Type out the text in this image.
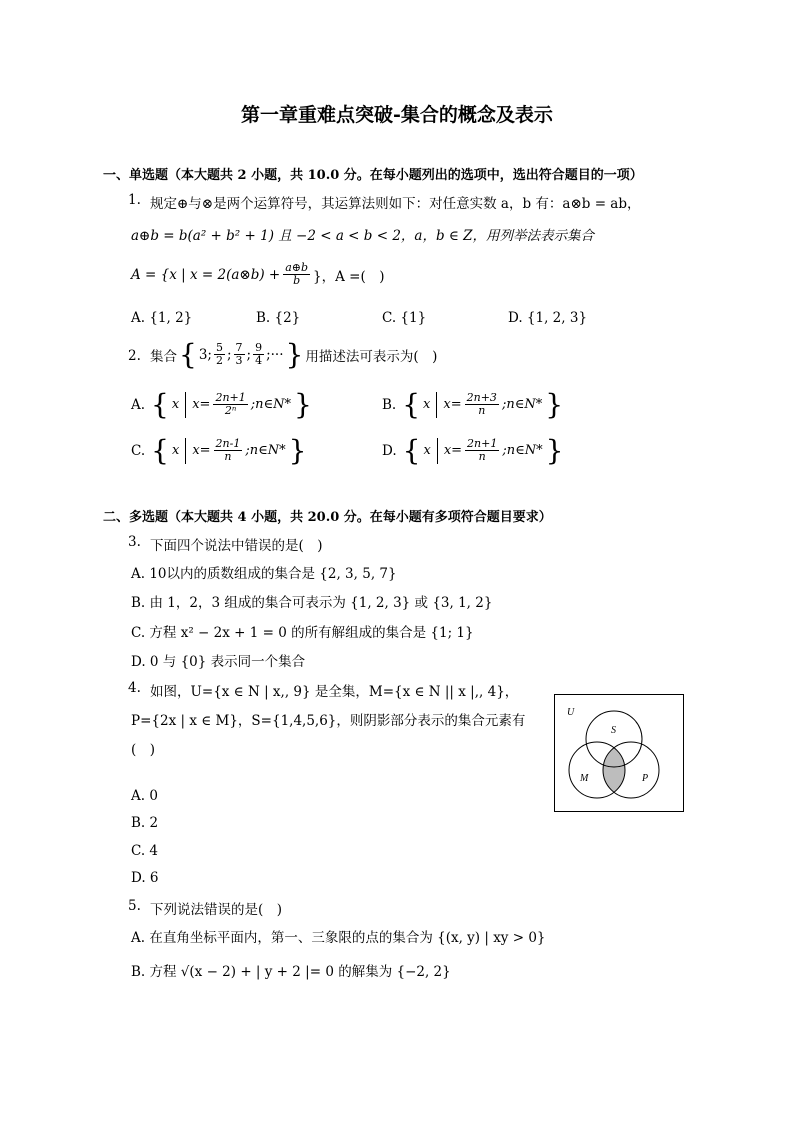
第一章重难点突破-集合的概念及表示
一、单选题（本大题共 2 小题，共 10.0 分。在每小题列出的选项中，选出符合题目的一项）
1. 规定⊕与⊗是两个运算符号，其运算法则如下：对任意实数 a，b 有：a⊗b = ab，
a⊕b = b(a² + b² + 1) 且 −2 < a < b < 2，a，b ∈ Z，用列举法表示集合
A = {x | x = 2(a⊗b) + $\frac{a\oplus b}{b}$ }，A =(　)
A. {1, 2}	B. {2}	C. {1}	D. {1, 2, 3}
2. 集合 { 3; $\frac{5}{2}$ ; $\frac{7}{3}$ ; $\frac{9}{4}$ ;··· } 用描述法可表示为(　)
A. { x $x= \frac{2n+1}{\text{2ⁿ}}$ ;n∈N* }	B. { x $x= \frac{2n+3}{n}$ ;n∈N* }
C. { x $x= \frac{2n-1}{n}$ ;n∈N* }	D. { x $x= \frac{2n+1}{n}$ ;n∈N* }
二、多选题（本大题共 4 小题，共 20.0 分。在每小题有多项符合题目要求）
3. 下面四个说法中错误的是(　)
A. 10以内的质数组成的集合是 {2, 3, 5, 7}
B. 由 1，2，3 组成的集合可表示为 {1, 2, 3} 或 {3, 1, 2}
C. 方程 x² − 2x + 1 = 0 的所有解组成的集合是 {1; 1}
D. 0 与 {0} 表示同一个集合
4. 如图，U={x ∈ N | x,, 9} 是全集，M={x ∈ N || x |,, 4}，
P={2x | x ∈ M}，S={1,4,5,6}，则阴影部分表示的集合元素有
(　)
A. 0
B. 2
C. 4
D. 6
U
S
M	P
5. 下列说法错误的是(　)
A. 在直角坐标平面内，第一、三象限的点的集合为 {(x, y) | xy > 0}
B. 方程 √(x − 2) + | y + 2 |= 0 的解集为 {−2, 2}
